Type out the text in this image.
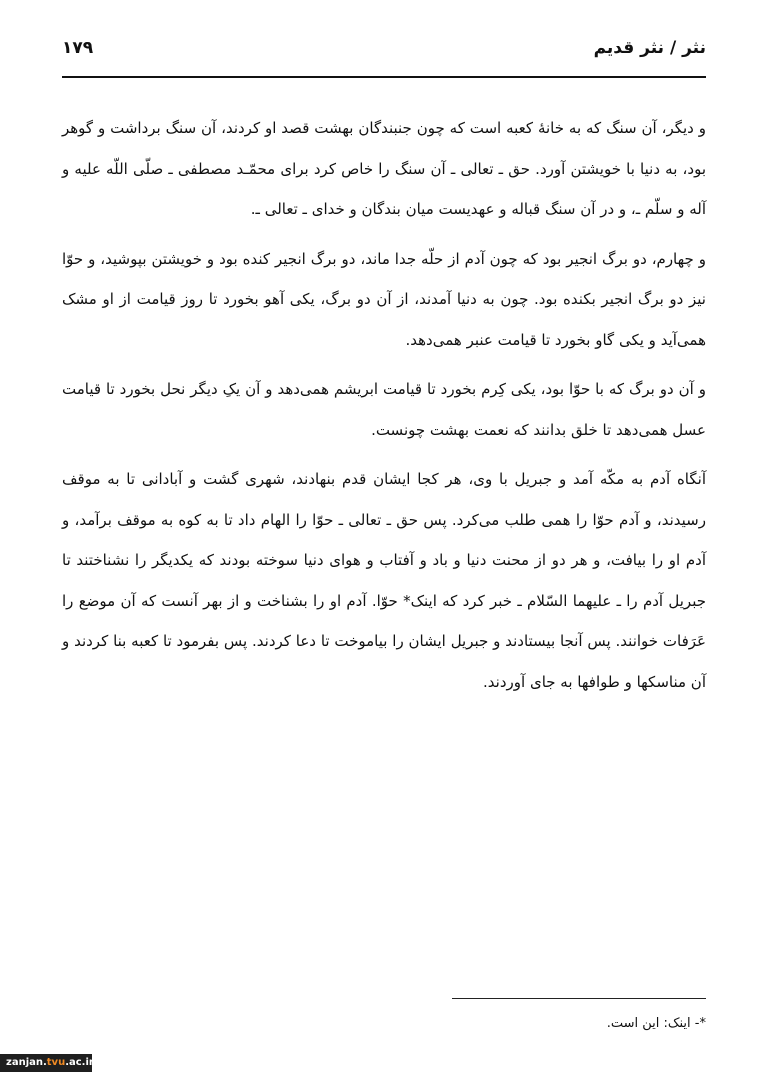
نثر / نثر قدیم
۱۷۹

و دیگر، آن سنگ که به خانهٔ کعبه است که چون جنبندگان بهشت قصد او کردند، آن سنگ برداشت و گوهر بود، به دنیا با خویشتن آورد. حق ـ تعالی ـ آن سنگ را خاص کرد برای محمّـد مصطفی ـ صلّی اللّه علیه و آله و سلّم ـ، و در آن سنگ قباله و عهدیست میان بندگان و خدای ـ تعالی ـ.

و چهارم، دو برگ انجیر بود که چون آدم از حلّه جدا ماند، دو برگ انجیر کنده بود و خویشتن بپوشید، و حوّا نیز دو برگ انجیر بکنده بود. چون به دنیا آمدند، از آن دو برگ، یکی آهو بخورد تا روز قیامت از او مشک همی‌آید و یکی گاو بخورد تا قیامت عنبر همی‌دهد.

و آن دو برگ که با حوّا بود، یکی کِرم بخورد تا قیامت ابریشم همی‌دهد و آن یکِ دیگر نحل بخورد تا قیامت عسل همی‌دهد تا خلق بدانند که نعمت بهشت چونست.

آنگاه آدم به مکّه آمد و جبریل با وی، هر کجا ایشان قدم بنهادند، شهری گشت و آبادانی تا به موقف رسیدند، و آدم حوّا را همی طلب می‌کرد. پس حق ـ تعالی ـ حوّا را الهام داد تا به کوه به موقف برآمد، و آدم او را بیافت، و هر دو از محنت دنیا و باد و آفتاب و هوای دنیا سوخته بودند که یکدیگر را نشناختند تا جبریل آدم را ـ علیهما السّلام ـ خبر کرد که اینک* حوّا. آدم او را بشناخت و از بهر آنست که آن موضع را عَرَفات خوانند. پس آنجا بیستادند و جبریل ایشان را بیاموخت تا دعا کردند. پس بفرمود تا کعبه بنا کردند و آن مناسکها و طوافها به جای آوردند.

*- اینک: این است.
zanjan.tvu.ac.ir
